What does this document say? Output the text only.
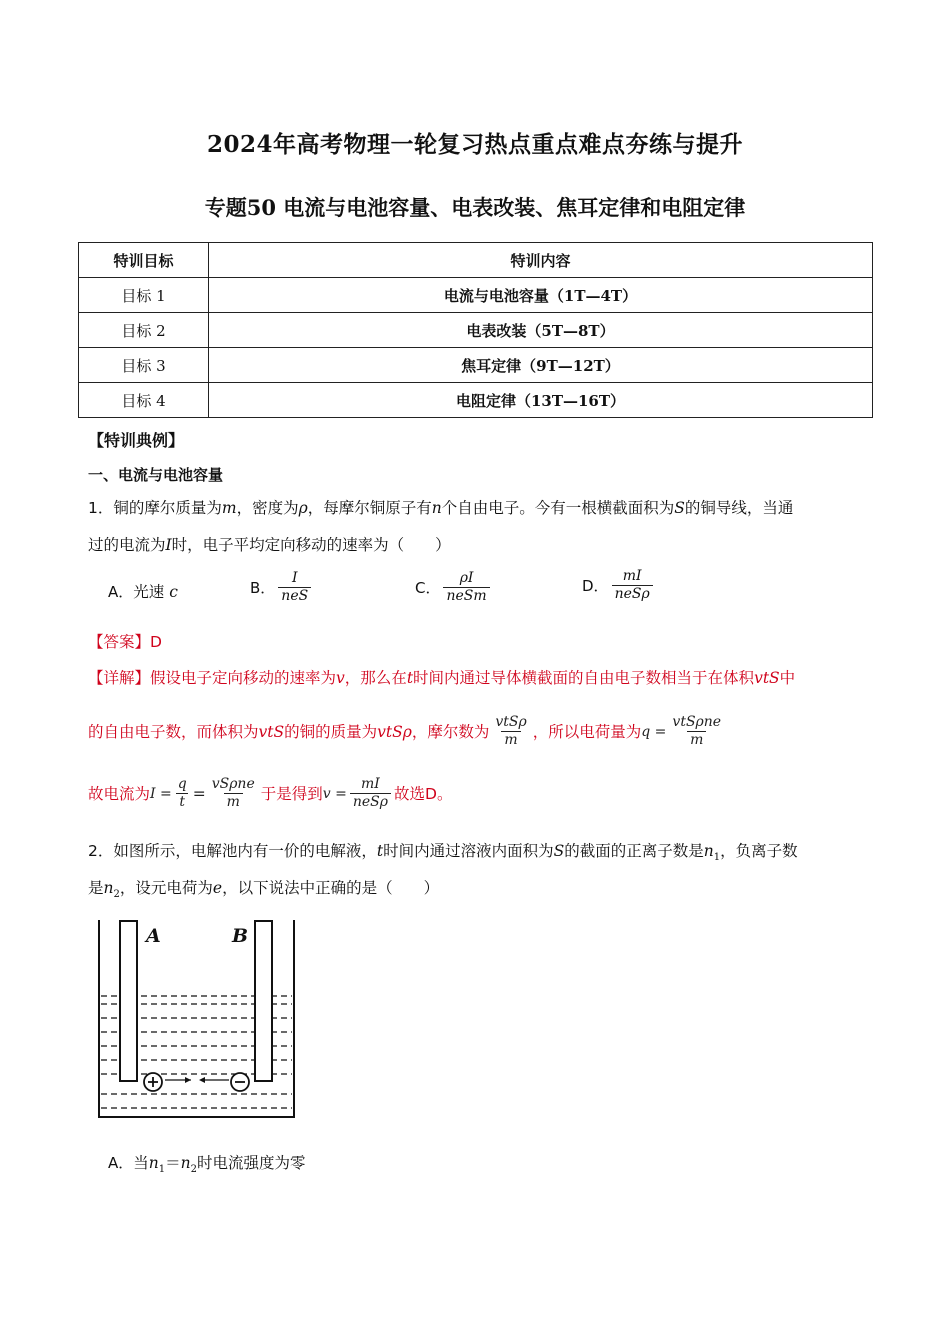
2024年高考物理一轮复习热点重点难点夯练与提升
专题50 电流与电池容量、电表改装、焦耳定律和电阻定律
特训目标	特训内容
目标 1	电流与电池容量（1T—4T）
目标 2	电表改装（5T—8T）
目标 3	焦耳定律（9T—12T）
目标 4	电阻定律（13T—16T）
【特训典例】
一、电流与电池容量
1．铜的摩尔质量为m，密度为ρ，每摩尔铜原子有n个自由电子。今有一根横截面积为S的铜导线，当通
过的电流为I时，电子平均定向移动的速率为（　　）
A．光速 c	B． $\frac{I}{\text{neS}}$	C． $\frac{\rho I}{\text{neSm}}$	D． $\frac{mI}{\text{neSρ}}$
【答案】D
【详解】假设电子定向移动的速率为v，那么在t时间内通过导体横截面的自由电子数相当于在体积vtS中
的自由电子数，而体积为 vtS 的铜的质量为 vtSρ ，摩尔数为 $\frac{\text{vtSρ}}{m}$ ，所以电荷量为 $q = \frac{\text{vtSρne}}{m}$
故电流为 $I = \frac{q}{t} = \frac{\text{vSρne}}{m}$ 于是得到 $v = \frac{mI}{\text{neSρ}}$ 故选 D 。
2．如图所示，电解池内有一价的电解液，t时间内通过溶液内面积为S的截面的正离子数是$n_1$，负离子数
是$n_2$，设元电荷为e，以下说法中正确的是（　　）
A	B
A．当$n_1=n_2$时电流强度为零
